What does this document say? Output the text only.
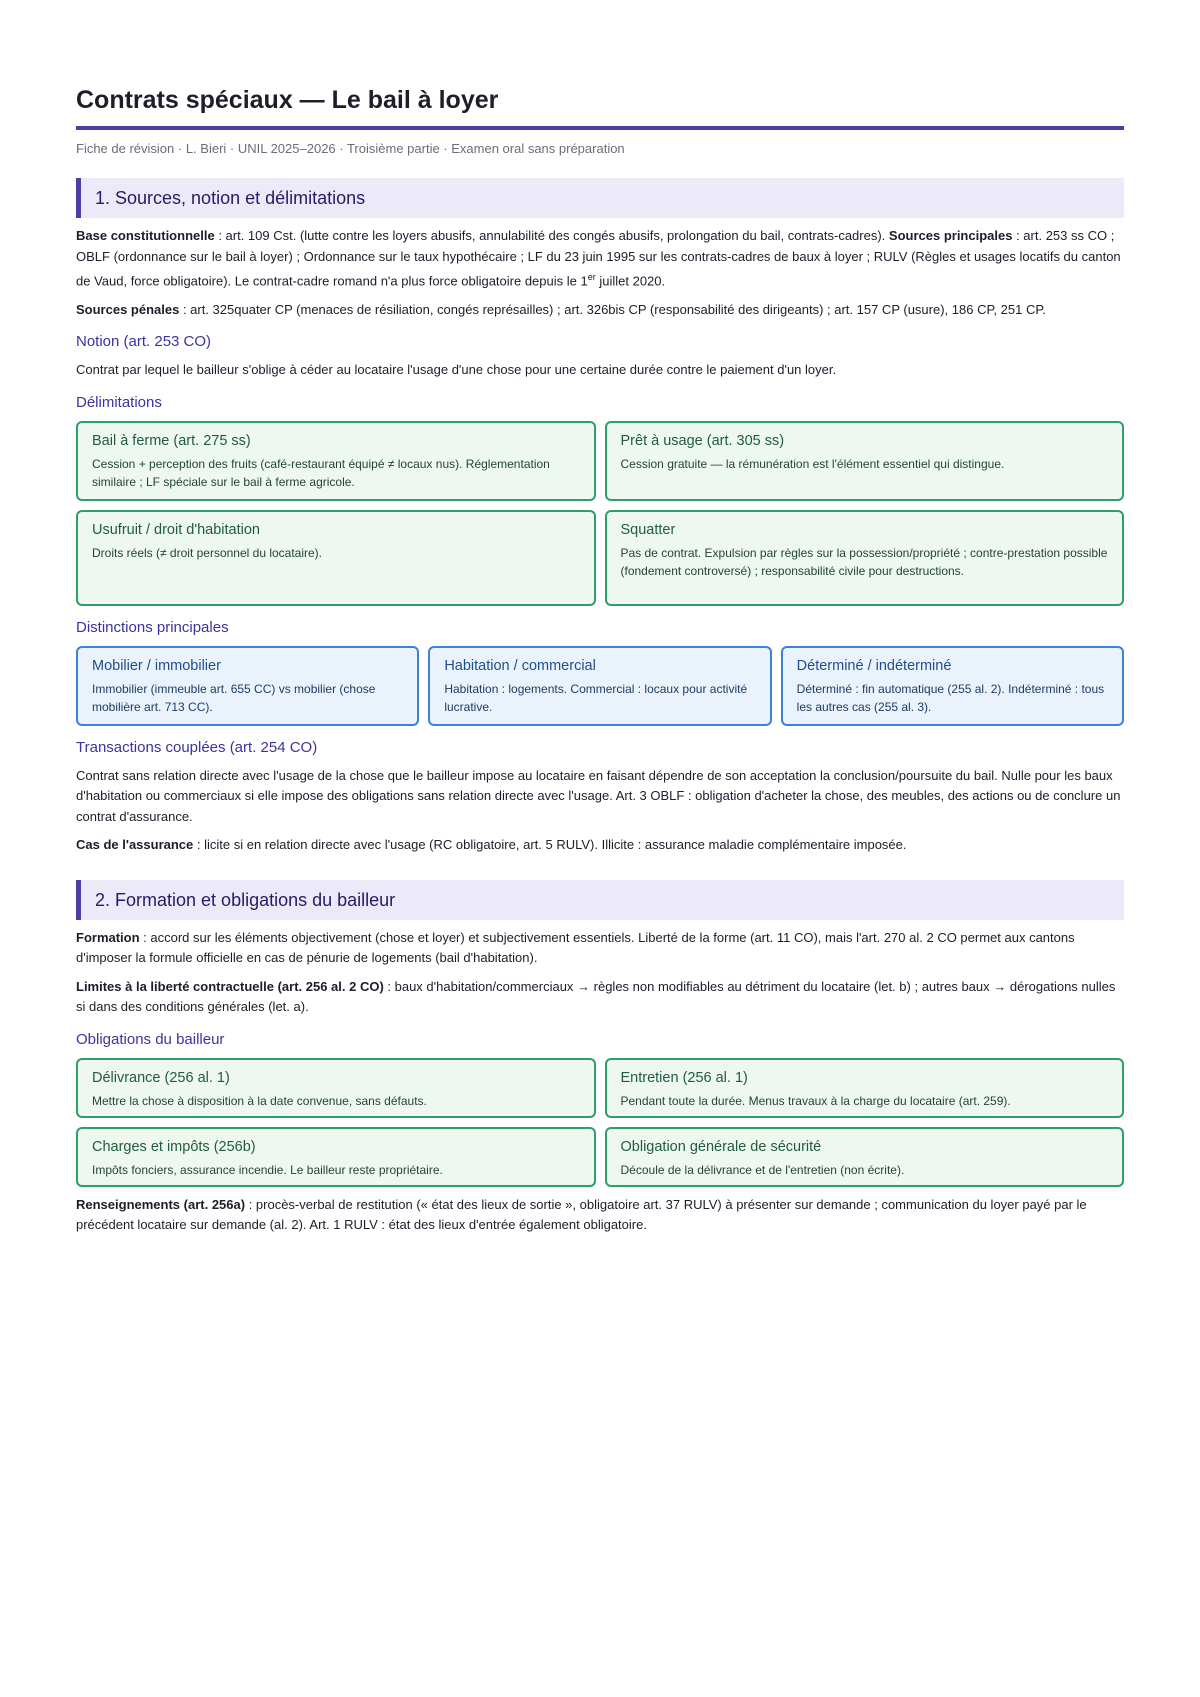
Contrats spéciaux — Le bail à loyer
Fiche de révision · L. Bieri · UNIL 2025–2026 · Troisième partie · Examen oral sans préparation
1. Sources, notion et délimitations

Base constitutionnelle : art. 109 Cst. (lutte contre les loyers abusifs, annulabilité des congés abusifs, prolongation du bail, contrats-cadres). Sources principales : art. 253 ss CO ; OBLF (ordonnance sur le bail à loyer) ; Ordonnance sur le taux hypothécaire ; LF du 23 juin 1995 sur les contrats-cadres de baux à loyer ; RULV (Règles et usages locatifs du canton de Vaud, force obligatoire). Le contrat-cadre romand n'a plus force obligatoire depuis le 1er juillet 2020.

Sources pénales : art. 325quater CP (menaces de résiliation, congés représailles) ; art. 326bis CP (responsabilité des dirigeants) ; art. 157 CP (usure), 186 CP, 251 CP.

Notion (art. 253 CO)

Contrat par lequel le bailleur s'oblige à céder au locataire l'usage d'une chose pour une certaine durée contre le paiement d'un loyer.

Délimitations
Bail à ferme (art. 275 ss)
Cession + perception des fruits (café-restaurant équipé ≠ locaux nus). Réglementation similaire ; LF spéciale sur le bail à ferme agricole.
Prêt à usage (art. 305 ss)
Cession gratuite — la rémunération est l'élément essentiel qui distingue.
Usufruit / droit d'habitation
Droits réels (≠ droit personnel du locataire).
Squatter
Pas de contrat. Expulsion par règles sur la possession/propriété ; contre-prestation possible (fondement controversé) ; responsabilité civile pour destructions.
Distinctions principales
Mobilier / immobilier
Immobilier (immeuble art. 655 CC) vs mobilier (chose mobilière art. 713 CC).
Habitation / commercial
Habitation : logements. Commercial : locaux pour activité lucrative.
Déterminé / indéterminé
Déterminé : fin automatique (255 al. 2). Indéterminé : tous les autres cas (255 al. 3).
Transactions couplées (art. 254 CO)

Contrat sans relation directe avec l'usage de la chose que le bailleur impose au locataire en faisant dépendre de son acceptation la conclusion/poursuite du bail. Nulle pour les baux d'habitation ou commerciaux si elle impose des obligations sans relation directe avec l'usage. Art. 3 OBLF : obligation d'acheter la chose, des meubles, des actions ou de conclure un contrat d'assurance.

Cas de l'assurance : licite si en relation directe avec l'usage (RC obligatoire, art. 5 RULV). Illicite : assurance maladie complémentaire imposée.

2. Formation et obligations du bailleur

Formation : accord sur les éléments objectivement (chose et loyer) et subjectivement essentiels. Liberté de la forme (art. 11 CO), mais l'art. 270 al. 2 CO permet aux cantons d'imposer la formule officielle en cas de pénurie de logements (bail d'habitation).

Limites à la liberté contractuelle (art. 256 al. 2 CO) : baux d'habitation/commerciaux → règles non modifiables au détriment du locataire (let. b) ; autres baux → dérogations nulles si dans des conditions générales (let. a).

Obligations du bailleur
Délivrance (256 al. 1)
Mettre la chose à disposition à la date convenue, sans défauts.
Entretien (256 al. 1)
Pendant toute la durée. Menus travaux à la charge du locataire (art. 259).
Charges et impôts (256b)
Impôts fonciers, assurance incendie. Le bailleur reste propriétaire.
Obligation générale de sécurité
Découle de la délivrance et de l'entretien (non écrite).

Renseignements (art. 256a) : procès-verbal de restitution (« état des lieux de sortie », obligatoire art. 37 RULV) à présenter sur demande ; communication du loyer payé par le précédent locataire sur demande (al. 2). Art. 1 RULV : état des lieux d'entrée également obligatoire.
